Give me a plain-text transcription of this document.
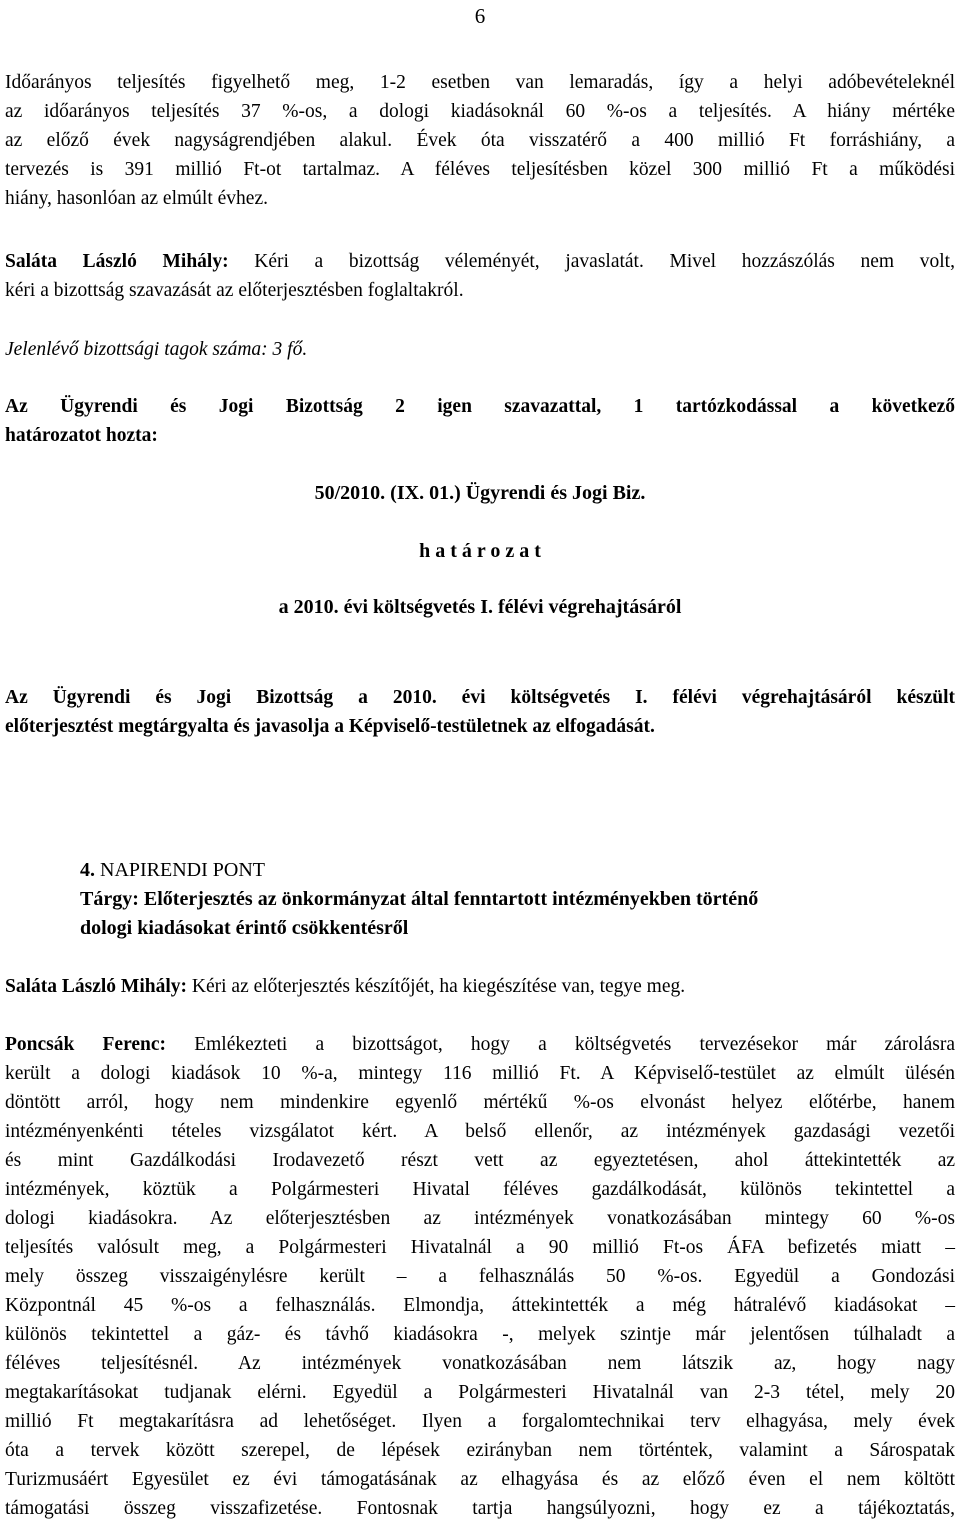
6
Időarányos teljesítés figyelhető meg, 1-2 esetben van lemaradás, így a helyi adóbevételeknél
az időarányos teljesítés 37 %-os, a dologi kiadásoknál 60 %-os a teljesítés. A hiány mértéke
az előző évek nagyságrendjében alakul. Évek óta visszatérő a 400 millió Ft forráshiány, a
tervezés is 391 millió Ft-ot tartalmaz. A féléves teljesítésben közel 300 millió Ft a működési
hiány, hasonlóan az elmúlt évhez.
Saláta László Mihály: Kéri a bizottság véleményét, javaslatát. Mivel hozzászólás nem volt,
kéri a bizottság szavazását az előterjesztésben foglaltakról.
Jelenlévő bizottsági tagok száma: 3 fő.
Az Ügyrendi és Jogi Bizottság 2 igen szavazattal, 1 tartózkodással a következő
határozatot hozta:
50/2010. (IX. 01.) Ügyrendi és Jogi Biz.
h a t á r o z a t
a 2010. évi költségvetés I. félévi végrehajtásáról
Az Ügyrendi és Jogi Bizottság a 2010. évi költségvetés I. félévi végrehajtásáról készült
előterjesztést megtárgyalta és javasolja a Képviselő-testületnek az elfogadását.
4. NAPIRENDI PONT
Tárgy: Előterjesztés az önkormányzat által fenntartott intézményekben történő
dologi kiadásokat érintő csökkentésről
Saláta László Mihály: Kéri az előterjesztés készítőjét, ha kiegészítése van, tegye meg.
Poncsák Ferenc: Emlékezteti a bizottságot, hogy a költségvetés tervezésekor már zárolásra
került a dologi kiadások 10 %-a, mintegy 116 millió Ft. A Képviselő-testület az elmúlt ülésén
döntött arról, hogy nem mindenkire egyenlő mértékű %-os elvonást helyez előtérbe, hanem
intézményenkénti tételes vizsgálatot kért. A belső ellenőr, az intézmények gazdasági vezetői
és mint Gazdálkodási Irodavezető részt vett az egyeztetésen, ahol áttekintették az
intézmények, köztük a Polgármesteri Hivatal féléves gazdálkodását, különös tekintettel a
dologi kiadásokra. Az előterjesztésben az intézmények vonatkozásában mintegy 60 %-os
teljesítés valósult meg, a Polgármesteri Hivatalnál a 90 millió Ft-os ÁFA befizetés miatt –
mely összeg visszaigénylésre került – a felhasználás 50 %-os. Egyedül a Gondozási
Központnál 45 %-os a felhasználás. Elmondja, áttekintették a még hátralévő kiadásokat –
különös tekintettel a gáz- és távhő kiadásokra -, melyek szintje már jelentősen túlhaladt a
féléves teljesítésnél. Az intézmények vonatkozásában nem látszik az, hogy nagy
megtakarításokat tudjanak elérni. Egyedül a Polgármesteri Hivatalnál van 2-3 tétel, mely 20
millió Ft megtakarításra ad lehetőséget. Ilyen a forgalomtechnikai terv elhagyása, mely évek
óta a tervek között szerepel, de lépések ezirányban nem történtek, valamint a Sárospatak
Turizmusáért Egyesület ez évi támogatásának az elhagyása és az előző éven el nem költött
támogatási összeg visszafizetése. Fontosnak tartja hangsúlyozni, hogy ez a tájékoztatás,
